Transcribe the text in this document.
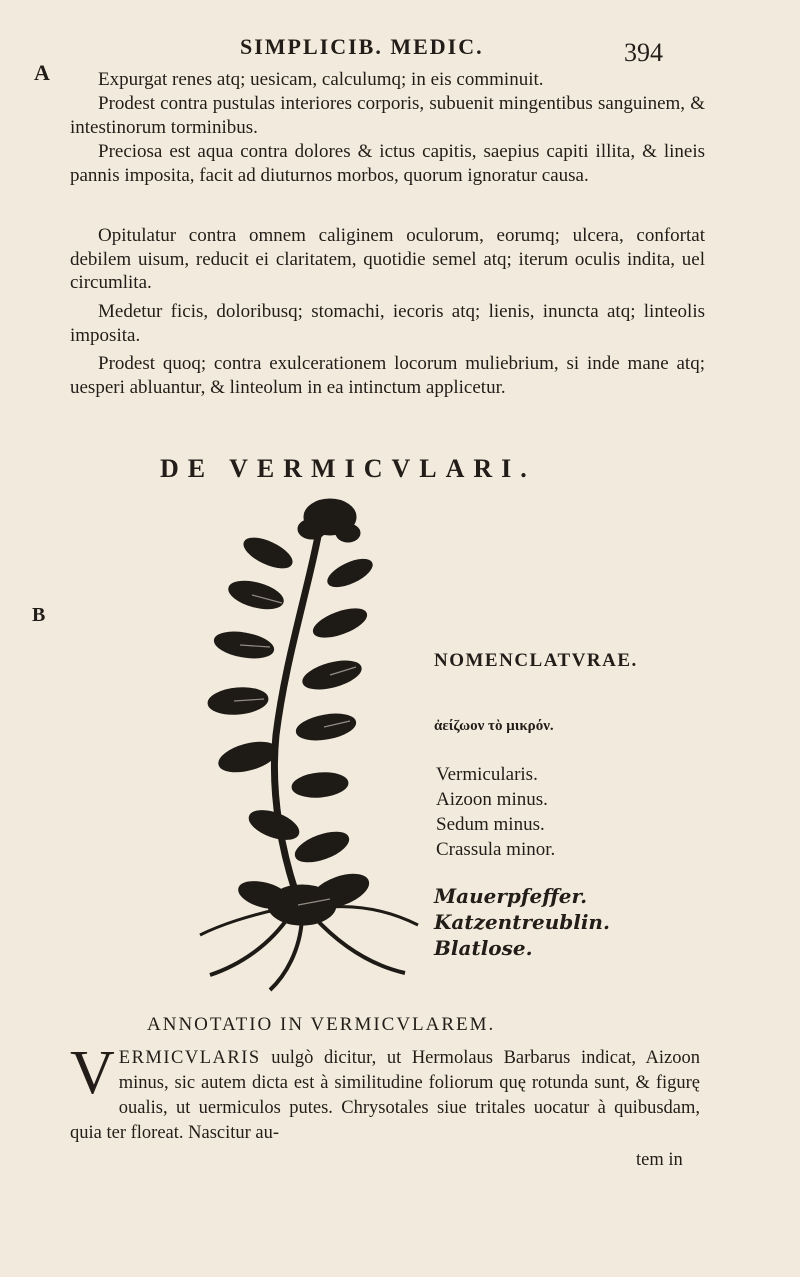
SIMPLICIB. MEDIC.	394
A
B

Expurgat renes atq; uesicam, calculumq; in eis comminuit.

Prodest contra pustulas interiores corporis, subuenit mingentibus sanguinem, & intestinorum torminibus.

Preciosa est aqua contra dolores & ictus capitis, saepius capiti illita, & lineis pannis imposita, facit ad diuturnos morbos, quorum ignoratur causa.

Opitulatur contra omnem caliginem oculorum, eorumq; ulcera, confortat debilem uisum, reducit ei claritatem, quotidie semel atq; iterum oculis indita, uel circumlita.

Medetur ficis, doloribusq; stomachi, iecoris atq; lienis, inuncta atq; linteolis imposita.

Prodest quoq; contra exulcerationem locorum muliebrium, si inde mane atq; uesperi abluantur, & linteolum in ea intinctum applicetur.

DE VERMICVLARI.
NOMENCLATVRAE.
ἀείζωον τὸ μικρόν.
Vermicularis.
Aizoon minus.
Sedum minus.
Crassula minor.
Mauerpfeffer.
Katzentreublin.
Blatlose.
ANNOTATIO IN VERMICVLAREM.

VERMICVLARIS uulgò dicitur, ut Hermolaus Barbarus indicat, Aizoon minus, sic autem dicta est à similitudine foliorum quę rotunda sunt, & figurę oualis, ut uermiculos putes. Chrysotales siue tritales uocatur à quibusdam, quia ter floreat. Nascitur au-

tem in
